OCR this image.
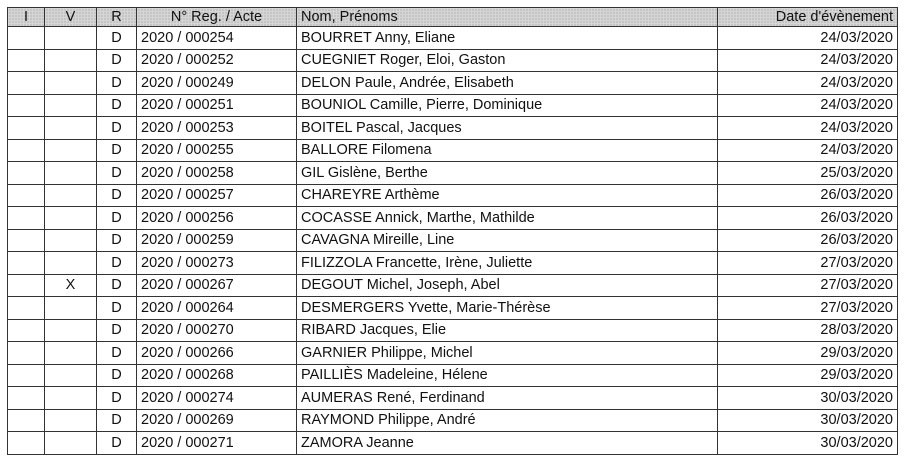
I	V	R	N° Reg. / Acte	Nom, Prénoms	Date d'évènement
		D	2020 / 000254	BOURRET Anny, Eliane	24/03/2020
		D	2020 / 000252	CUEGNIET Roger, Eloi, Gaston	24/03/2020
		D	2020 / 000249	DELON Paule, Andrée, Elisabeth	24/03/2020
		D	2020 / 000251	BOUNIOL Camille, Pierre, Dominique	24/03/2020
		D	2020 / 000253	BOITEL Pascal, Jacques	24/03/2020
		D	2020 / 000255	BALLORE Filomena	24/03/2020
		D	2020 / 000258	GIL Gislène, Berthe	25/03/2020
		D	2020 / 000257	CHAREYRE Arthème	26/03/2020
		D	2020 / 000256	COCASSE Annick, Marthe, Mathilde	26/03/2020
		D	2020 / 000259	CAVAGNA Mireille, Line	26/03/2020
		D	2020 / 000273	FILIZZOLA Francette, Irène, Juliette	27/03/2020
	X	D	2020 / 000267	DEGOUT Michel, Joseph, Abel	27/03/2020
		D	2020 / 000264	DESMERGERS Yvette, Marie-Thérèse	27/03/2020
		D	2020 / 000270	RIBARD Jacques, Elie	28/03/2020
		D	2020 / 000266	GARNIER Philippe, Michel	29/03/2020
		D	2020 / 000268	PAILLIÈS Madeleine, Hélene	29/03/2020
		D	2020 / 000274	AUMERAS René, Ferdinand	30/03/2020
		D	2020 / 000269	RAYMOND Philippe, André	30/03/2020
		D	2020 / 000271	ZAMORA Jeanne	30/03/2020
